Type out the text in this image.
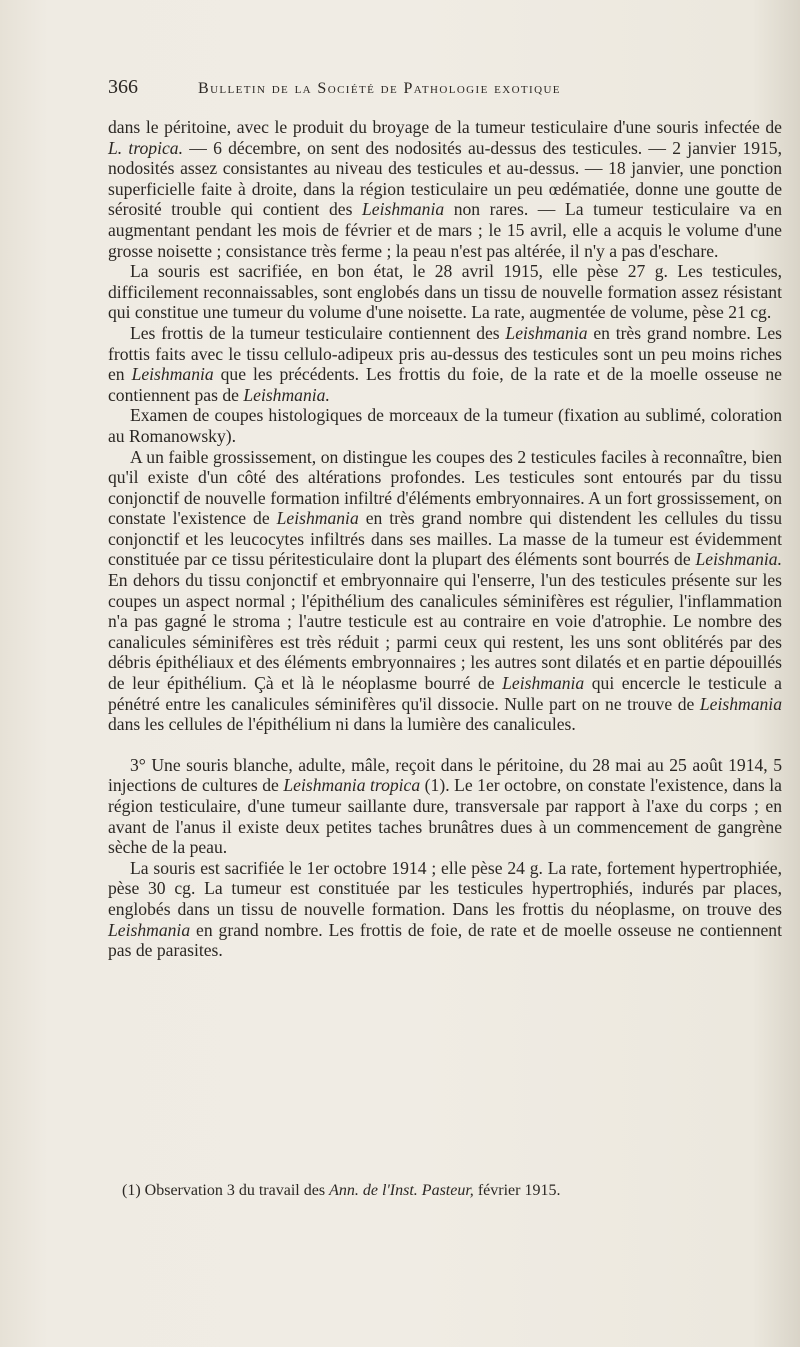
366	Bulletin de la Société de Pathologie exotique

dans le péritoine, avec le produit du broyage de la tumeur testiculaire d'une souris infectée de L. tropica. — 6 décembre, on sent des nodosités au-dessus des testicules. — 2 janvier 1915, nodosités assez consistantes au niveau des testicules et au-dessus. — 18 janvier, une ponction superficielle faite à droite, dans la région testiculaire un peu œdématiée, donne une goutte de sérosité trouble qui contient des Leishmania non rares. — La tumeur testiculaire va en augmentant pendant les mois de février et de mars ; le 15 avril, elle a acquis le volume d'une grosse noisette ; consistance très ferme ; la peau n'est pas altérée, il n'y a pas d'eschare.

La souris est sacrifiée, en bon état, le 28 avril 1915, elle pèse 27 g. Les testicules, difficilement reconnaissables, sont englobés dans un tissu de nouvelle formation assez résistant qui constitue une tumeur du volume d'une noisette. La rate, augmentée de volume, pèse 21 cg.

Les frottis de la tumeur testiculaire contiennent des Leishmania en très grand nombre. Les frottis faits avec le tissu cellulo-adipeux pris au-dessus des testicules sont un peu moins riches en Leishmania que les précédents. Les frottis du foie, de la rate et de la moelle osseuse ne contiennent pas de Leishmania.

Examen de coupes histologiques de morceaux de la tumeur (fixation au sublimé, coloration au Romanowsky).

A un faible grossissement, on distingue les coupes des 2 testicules faciles à reconnaître, bien qu'il existe d'un côté des altérations profondes. Les testicules sont entourés par du tissu conjonctif de nouvelle formation infiltré d'éléments embryonnaires. A un fort grossissement, on constate l'existence de Leishmania en très grand nombre qui distendent les cellules du tissu conjonctif et les leucocytes infiltrés dans ses mailles. La masse de la tumeur est évidemment constituée par ce tissu péritesticulaire dont la plupart des éléments sont bourrés de Leishmania. En dehors du tissu conjonctif et embryonnaire qui l'enserre, l'un des testicules présente sur les coupes un aspect normal ; l'épithélium des canalicules séminifères est régulier, l'inflammation n'a pas gagné le stroma ; l'autre testicule est au contraire en voie d'atrophie. Le nombre des canalicules séminifères est très réduit ; parmi ceux qui restent, les uns sont oblitérés par des débris épithéliaux et des éléments embryonnaires ; les autres sont dilatés et en partie dépouillés de leur épithélium. Çà et là le néoplasme bourré de Leishmania qui encercle le testicule a pénétré entre les canalicules séminifères qu'il dissocie. Nulle part on ne trouve de Leishmania dans les cellules de l'épithélium ni dans la lumière des canalicules.

3° Une souris blanche, adulte, mâle, reçoit dans le péritoine, du 28 mai au 25 août 1914, 5 injections de cultures de Leishmania tropica (1). Le 1er octobre, on constate l'existence, dans la région testiculaire, d'une tumeur saillante dure, transversale par rapport à l'axe du corps ; en avant de l'anus il existe deux petites taches brunâtres dues à un commencement de gangrène sèche de la peau.

La souris est sacrifiée le 1er octobre 1914 ; elle pèse 24 g. La rate, fortement hypertrophiée, pèse 30 cg. La tumeur est constituée par les testicules hypertrophiés, indurés par places, englobés dans un tissu de nouvelle formation. Dans les frottis du néoplasme, on trouve des Leishmania en grand nombre. Les frottis de foie, de rate et de moelle osseuse ne contiennent pas de parasites.

(1) Observation 3 du travail des Ann. de l'Inst. Pasteur, février 1915.
